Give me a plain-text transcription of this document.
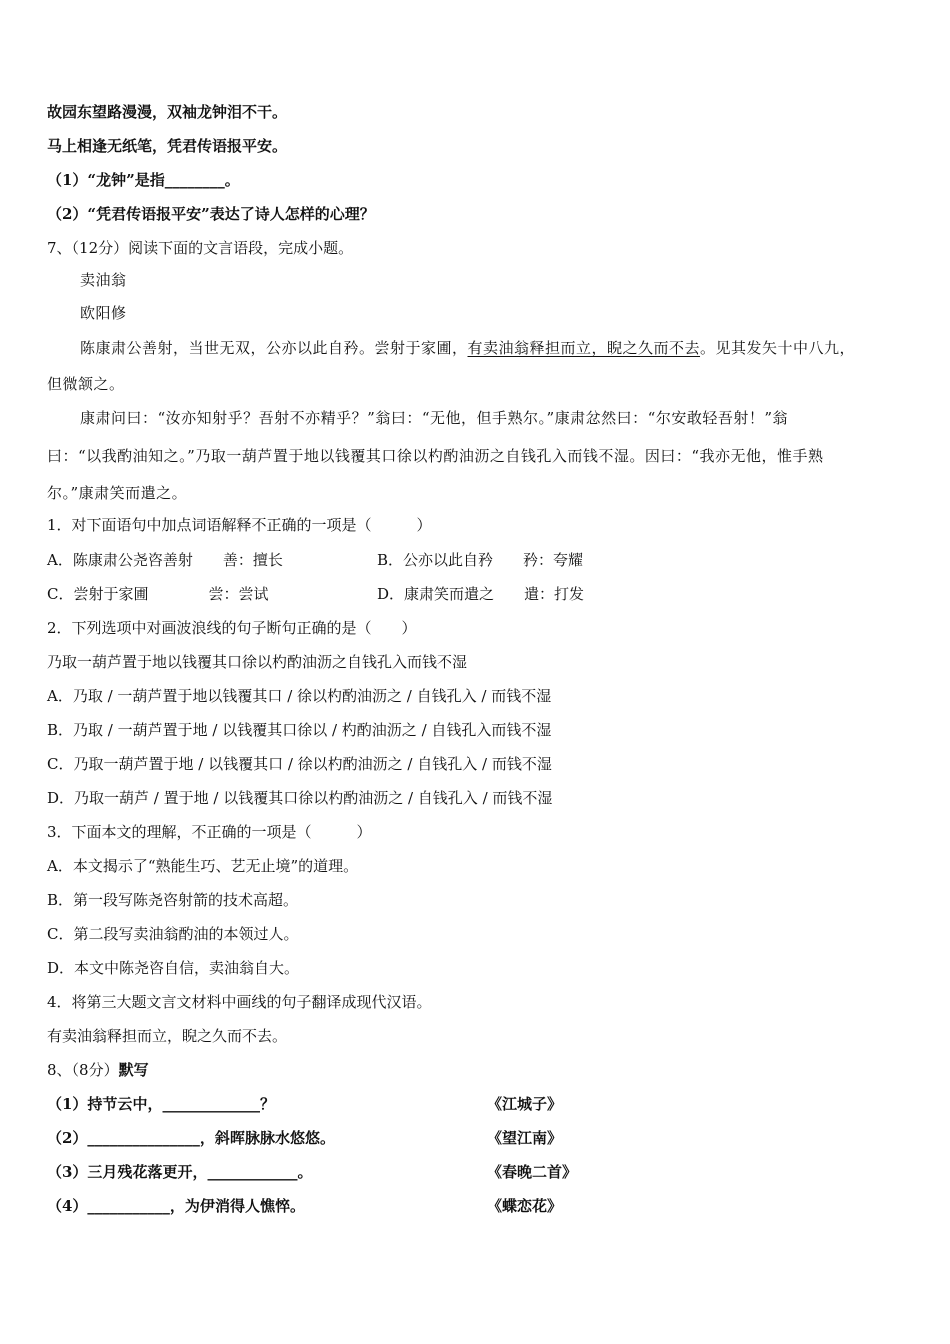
故园东望路漫漫，双袖龙钟泪不干。
马上相逢无纸笔，凭君传语报平安。
（1）“龙钟”是指________。
（2）“凭君传语报平安”表达了诗人怎样的心理？
7、（12分）阅读下面的文言语段，完成小题。
卖油翁
欧阳修
陈康肃公善射，当世无双，公亦以此自矜。尝射于家圃，有卖油翁释担而立，睨之久而不去。见其发矢十中八九，
但微颔之。
康肃问曰：“汝亦知射乎？吾射不亦精乎？”翁曰：“无他，但手熟尔。”康肃忿然曰：“尔安敢轻吾射！”翁
曰：“以我酌油知之。”乃取一葫芦置于地以钱覆其口徐以杓酌油沥之自钱孔入而钱不湿。因曰：“我亦无他，惟手熟
尔。”康肃笑而遣之。
1．对下面语句中加点词语解释不正确的一项是（　　　）
A．陈康肃公尧咨善射　　善：擅长	B．公亦以此自矜　　矜：夸耀
C．尝射于家圃　　　　尝：尝试	D．康肃笑而遣之　　遣：打发
2．下列选项中对画波浪线的句子断句正确的是（　　）
乃取一葫芦置于地以钱覆其口徐以杓酌油沥之自钱孔入而钱不湿
A．乃取 / 一葫芦置于地以钱覆其口 / 徐以杓酌油沥之 / 自钱孔入 / 而钱不湿
B．乃取 / 一葫芦置于地 / 以钱覆其口徐以 / 杓酌油沥之 / 自钱孔入而钱不湿
C．乃取一葫芦置于地 / 以钱覆其口 / 徐以杓酌油沥之 / 自钱孔入 / 而钱不湿
D．乃取一葫芦 / 置于地 / 以钱覆其口徐以杓酌油沥之 / 自钱孔入 / 而钱不湿
3．下面本文的理解，不正确的一项是（　　　）
A．本文揭示了“熟能生巧、艺无止境”的道理。
B．第一段写陈尧咨射箭的技术高超。
C．第二段写卖油翁酌油的本领过人。
D．本文中陈尧咨自信，卖油翁自大。
4．将第三大题文言文材料中画线的句子翻译成现代汉语。
有卖油翁释担而立，睨之久而不去。
8、（8分）默写
（1）持节云中，_____________？	《江城子》
（2）_______________，斜晖脉脉水悠悠。	《望江南》
（3）三月残花落更开，____________。	《春晚二首》
（4）___________，为伊消得人憔悴。	《蝶恋花》
